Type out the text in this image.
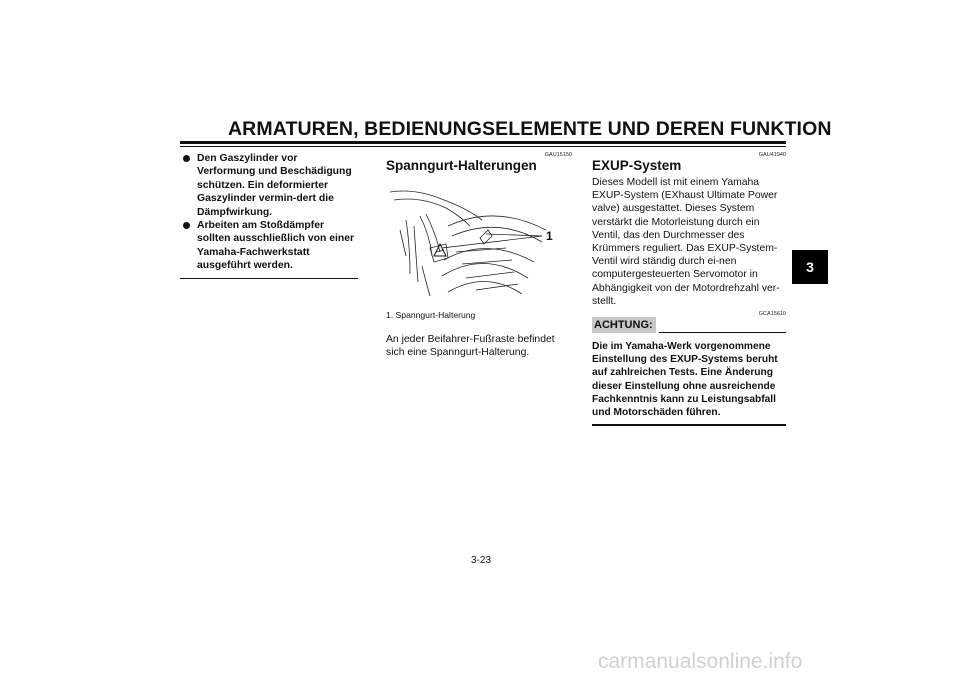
ARMATUREN, BEDIENUNGSELEMENTE UND DEREN FUNKTION
3
Den Gaszylinder vor Verformung und Beschädigung schützen. Ein deformierter Gaszylinder vermin-dert die Dämpfwirkung.
Arbeiten am Stoßdämpfer sollten ausschließlich von einer Yamaha-Fachwerkstatt ausgeführt werden.
GAU15150
Spanngurt-Halterungen
1
1. Spanngurt-Halterung
An jeder Beifahrer-Fußraste befindet sich eine Spanngurt-Halterung.
GAU41940
EXUP-System
Dieses Modell ist mit einem Yamaha EXUP-System (EXhaust Ultimate Power valve) ausgestattet. Dieses System verstärkt die Motorleistung durch ein Ventil, das den Durchmesser des Krümmers reguliert. Das EXUP-System-Ventil wird ständig durch ei-nen computergesteuerten Servomotor in Abhängigkeit von der Motordrehzahl ver-stellt.
GCA15610
ACHTUNG:
Die im Yamaha-Werk vorgenommene Einstellung des EXUP-Systems beruht auf zahlreichen Tests. Eine Änderung dieser Einstellung ohne ausreichende Fachkenntnis kann zu Leistungsabfall und Motorschäden führen.
3-23
carmanualsonline.info
